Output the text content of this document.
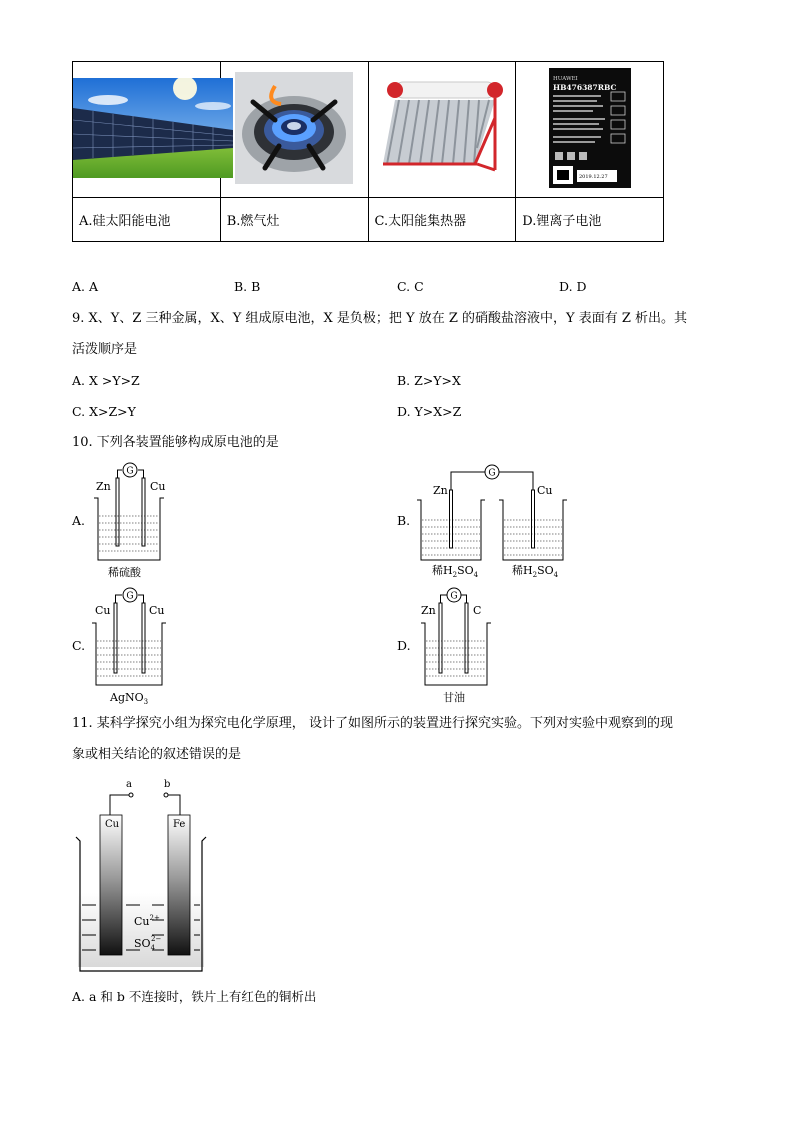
HUAWEI
HB476387RBC
2019.12.27

A.硅太阳能电池	B.燃气灶	C.太阳能集热器	D.锂离子电池
A. A	B. B	C. C	D. D
9. X、Y、Z 三种金属，X、Y 组成原电池，X 是负极；把 Y 放在 Z 的硝酸盐溶液中，Y 表面有 Z 析出。其
活泼顺序是
A. X >Y>Z	B. Z>Y>X
C. X>Z>Y	D. Y>X>Z
10. 下列各装置能够构成原电池的是
A.
G
Zn	Cu
稀硫酸
B.
G
Zn	Cu
稀$H_2SO_4$	稀$H_2SO_4$
C.
G
Cu	Cu
AgNO$_3$
D.
G
Zn	C
甘油
11. 某科学探究小组为探究电化学原理， 设计了如图所示的装置进行探究实验。下列对实验中观察到的现
象或相关结论的叙述错误的是
a	b
Cu	Fe
$Cu^{2+}$
$SO_42-$
A. a 和 b 不连接时，铁片上有红色的铜析出
